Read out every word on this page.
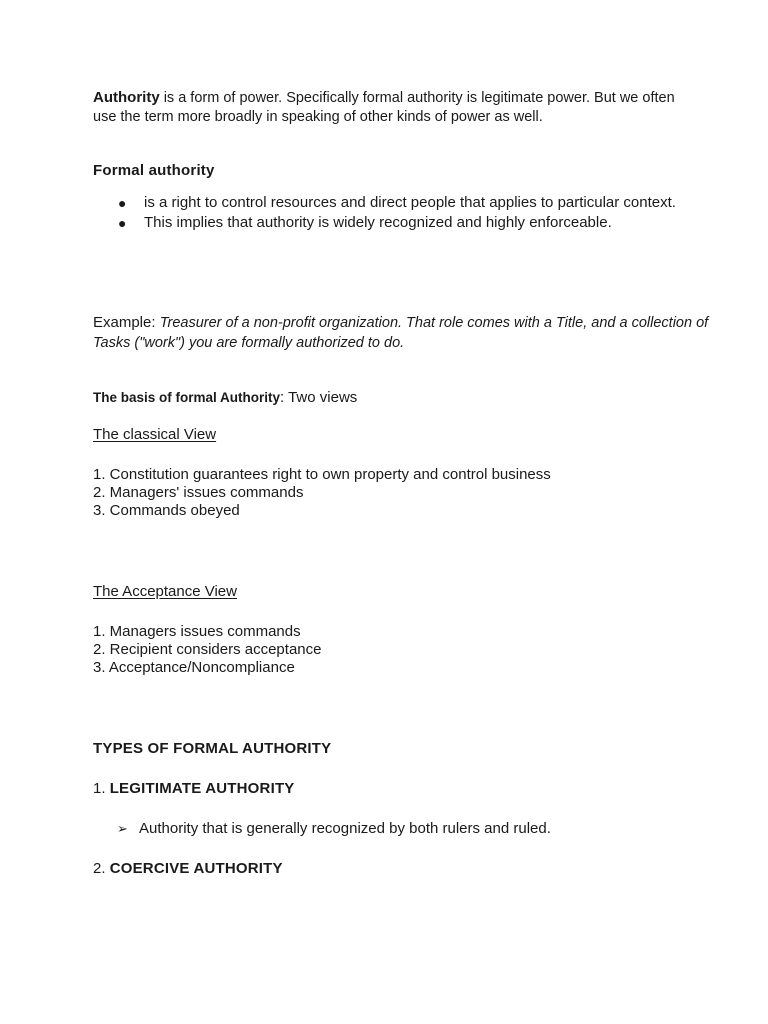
Authority is a form of power. Specifically formal authority is legitimate power. But we often use the term more broadly in speaking of other kinds of power as well.
Formal authority
● is a right to control resources and direct people that applies to particular context.
● This implies that authority is widely recognized and highly enforceable.
Example: Treasurer of a non-profit organization. That role comes with a Title, and a collection of Tasks ("work") you are formally authorized to do.
The basis of formal Authority: Two views
The classical View
1. Constitution guarantees right to own property and control business
2. Managers' issues commands
3. Commands obeyed
The Acceptance View
1. Managers issues commands
2. Recipient considers acceptance
3. Acceptance/Noncompliance
TYPES OF FORMAL AUTHORITY
1. LEGITIMATE AUTHORITY
➢ Authority that is generally recognized by both rulers and ruled.
2. COERCIVE AUTHORITY
